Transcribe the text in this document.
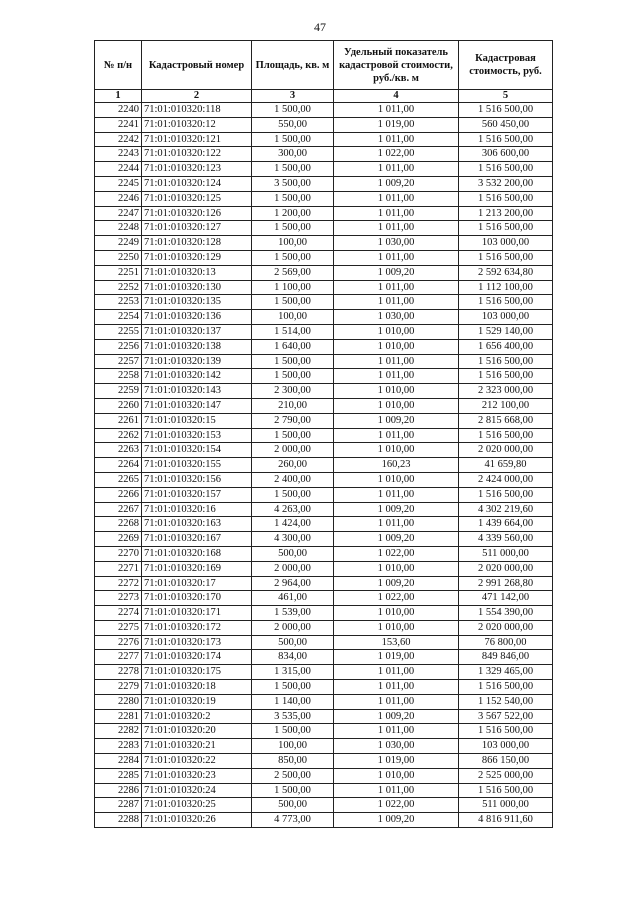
47
№ п/н	Кадастровый номер	Площадь, кв. м	Удельный показатель кадастровой стоимости, руб./кв. м	Кадастровая стоимость, руб.
1	2	3	4	5
2240	71:01:010320:118	1 500,00	1 011,00	1 516 500,00
2241	71:01:010320:12	550,00	1 019,00	560 450,00
2242	71:01:010320:121	1 500,00	1 011,00	1 516 500,00
2243	71:01:010320:122	300,00	1 022,00	306 600,00
2244	71:01:010320:123	1 500,00	1 011,00	1 516 500,00
2245	71:01:010320:124	3 500,00	1 009,20	3 532 200,00
2246	71:01:010320:125	1 500,00	1 011,00	1 516 500,00
2247	71:01:010320:126	1 200,00	1 011,00	1 213 200,00
2248	71:01:010320:127	1 500,00	1 011,00	1 516 500,00
2249	71:01:010320:128	100,00	1 030,00	103 000,00
2250	71:01:010320:129	1 500,00	1 011,00	1 516 500,00
2251	71:01:010320:13	2 569,00	1 009,20	2 592 634,80
2252	71:01:010320:130	1 100,00	1 011,00	1 112 100,00
2253	71:01:010320:135	1 500,00	1 011,00	1 516 500,00
2254	71:01:010320:136	100,00	1 030,00	103 000,00
2255	71:01:010320:137	1 514,00	1 010,00	1 529 140,00
2256	71:01:010320:138	1 640,00	1 010,00	1 656 400,00
2257	71:01:010320:139	1 500,00	1 011,00	1 516 500,00
2258	71:01:010320:142	1 500,00	1 011,00	1 516 500,00
2259	71:01:010320:143	2 300,00	1 010,00	2 323 000,00
2260	71:01:010320:147	210,00	1 010,00	212 100,00
2261	71:01:010320:15	2 790,00	1 009,20	2 815 668,00
2262	71:01:010320:153	1 500,00	1 011,00	1 516 500,00
2263	71:01:010320:154	2 000,00	1 010,00	2 020 000,00
2264	71:01:010320:155	260,00	160,23	41 659,80
2265	71:01:010320:156	2 400,00	1 010,00	2 424 000,00
2266	71:01:010320:157	1 500,00	1 011,00	1 516 500,00
2267	71:01:010320:16	4 263,00	1 009,20	4 302 219,60
2268	71:01:010320:163	1 424,00	1 011,00	1 439 664,00
2269	71:01:010320:167	4 300,00	1 009,20	4 339 560,00
2270	71:01:010320:168	500,00	1 022,00	511 000,00
2271	71:01:010320:169	2 000,00	1 010,00	2 020 000,00
2272	71:01:010320:17	2 964,00	1 009,20	2 991 268,80
2273	71:01:010320:170	461,00	1 022,00	471 142,00
2274	71:01:010320:171	1 539,00	1 010,00	1 554 390,00
2275	71:01:010320:172	2 000,00	1 010,00	2 020 000,00
2276	71:01:010320:173	500,00	153,60	76 800,00
2277	71:01:010320:174	834,00	1 019,00	849 846,00
2278	71:01:010320:175	1 315,00	1 011,00	1 329 465,00
2279	71:01:010320:18	1 500,00	1 011,00	1 516 500,00
2280	71:01:010320:19	1 140,00	1 011,00	1 152 540,00
2281	71:01:010320:2	3 535,00	1 009,20	3 567 522,00
2282	71:01:010320:20	1 500,00	1 011,00	1 516 500,00
2283	71:01:010320:21	100,00	1 030,00	103 000,00
2284	71:01:010320:22	850,00	1 019,00	866 150,00
2285	71:01:010320:23	2 500,00	1 010,00	2 525 000,00
2286	71:01:010320:24	1 500,00	1 011,00	1 516 500,00
2287	71:01:010320:25	500,00	1 022,00	511 000,00
2288	71:01:010320:26	4 773,00	1 009,20	4 816 911,60
